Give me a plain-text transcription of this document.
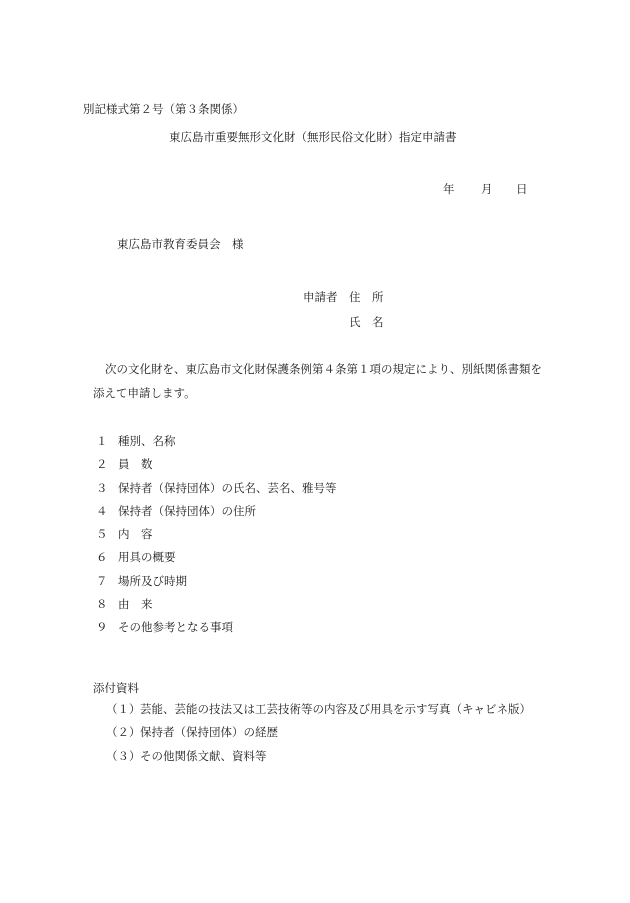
別記様式第２号（第３条関係）
東広島市重要無形文化財（無形民俗文化財）指定申請書
年 月 日
東広島市教育委員会　様
申請者 住　所
氏　名
次の文化財を、東広島市文化財保護条例第４条第１項の規定により、別紙関係書類を添えて申請します。
１ 種別、名称
２ 員　数
３ 保持者（保持団体）の氏名、芸名、雅号等
４ 保持者（保持団体）の住所
５ 内　容
６ 用具の概要
７ 場所及び時期
８ 由　来
９ その他参考となる事項
添付資料
（１） 芸能、芸能の技法又は工芸技術等の内容及び用具を示す写真（キャビネ版）
（２） 保持者（保持団体）の経歴
（３） その他関係文献、資料等
